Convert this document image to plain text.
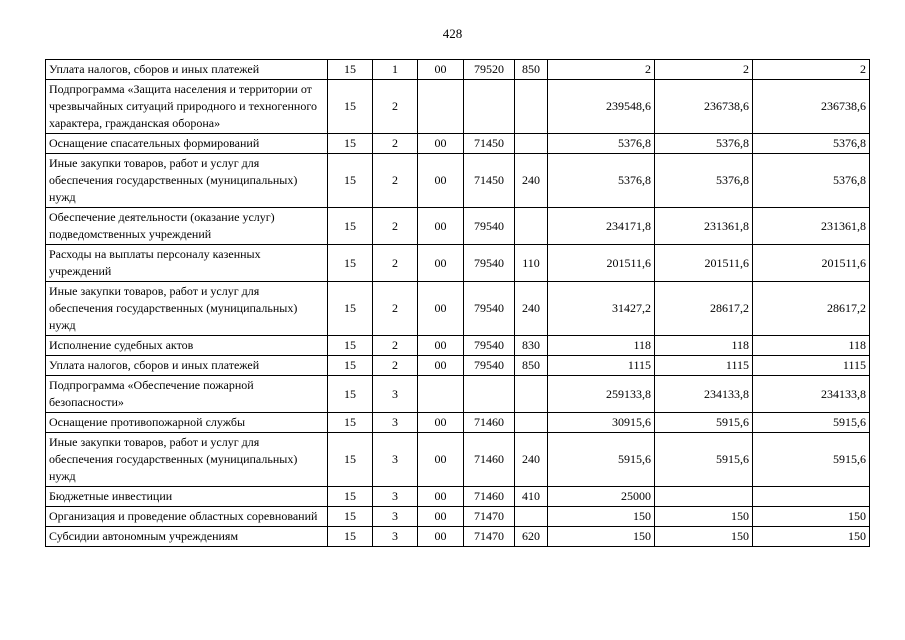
428
Уплата налогов, сборов и иных платежей	15	1	00	79520	850	2	2	2
Подпрограмма «Защита населения и территории от чрезвычайных ситуаций природного и техногенного характера, гражданская оборона»	15	2				239548,6	236738,6	236738,6
Оснащение спасательных формирований	15	2	00	71450		5376,8	5376,8	5376,8
Иные закупки товаров, работ и услуг для обеспечения государственных (муниципальных) нужд	15	2	00	71450	240	5376,8	5376,8	5376,8
Обеспечение деятельности (оказание услуг) подведомственных учреждений	15	2	00	79540		234171,8	231361,8	231361,8
Расходы на выплаты персоналу казенных учреждений	15	2	00	79540	110	201511,6	201511,6	201511,6
Иные закупки товаров, работ и услуг для обеспечения государственных (муниципальных) нужд	15	2	00	79540	240	31427,2	28617,2	28617,2
Исполнение судебных актов	15	2	00	79540	830	118	118	118
Уплата налогов, сборов и иных платежей	15	2	00	79540	850	1115	1115	1115
Подпрограмма «Обеспечение пожарной безопасности»	15	3				259133,8	234133,8	234133,8
Оснащение противопожарной службы	15	3	00	71460		30915,6	5915,6	5915,6
Иные закупки товаров, работ и услуг для обеспечения государственных (муниципальных) нужд	15	3	00	71460	240	5915,6	5915,6	5915,6
Бюджетные инвестиции	15	3	00	71460	410	25000		
Организация и проведение областных соревнований	15	3	00	71470		150	150	150
Субсидии автономным учреждениям	15	3	00	71470	620	150	150	150
